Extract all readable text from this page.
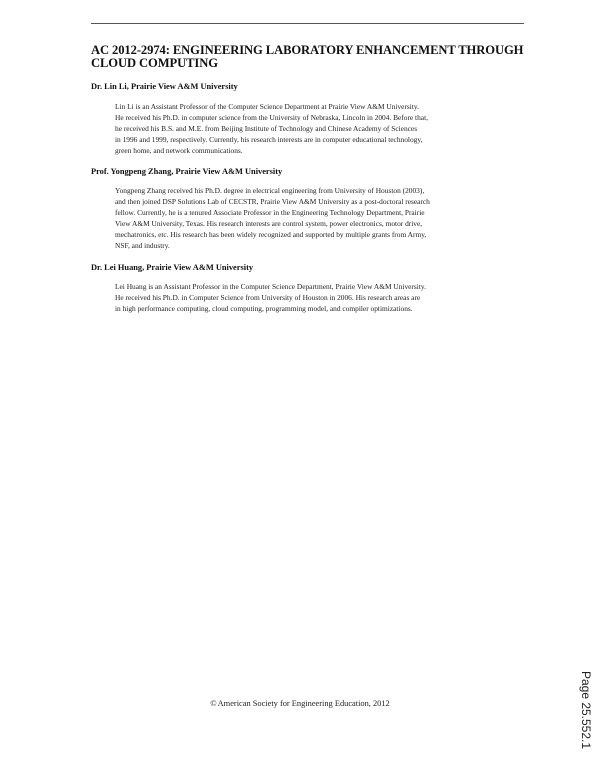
AC 2012-2974: ENGINEERING LABORATORY ENHANCEMENT THROUGH
CLOUD COMPUTING

Dr. Lin Li, Prairie View A&M University

Lin Li is an Assistant Professor of the Computer Science Department at Prairie View A&M University.
He received his Ph.D. in computer science from the University of Nebraska, Lincoln in 2004. Before that,
he received his B.S. and M.E. from Beijing Institute of Technology and Chinese Academy of Sciences
in 1996 and 1999, respectively. Currently, his research interests are in computer educational technology,
green home, and network communications.

Prof. Yongpeng Zhang, Prairie View A&M University

Yongpeng Zhang received his Ph.D. degree in electrical engineering from University of Houston (2003),
and then joined DSP Solutions Lab of CECSTR, Prairie View A&M University as a post-doctoral research
fellow. Currently, he is a tenured Associate Professor in the Engineering Technology Department, Prairie
View A&M University, Texas. His research interests are control system, power electronics, motor drive,
mechatronics, etc. His research has been widely recognized and supported by multiple grants from Army,
NSF, and industry.

Dr. Lei Huang, Prairie View A&M University

Lei Huang is an Assistant Professor in the Computer Science Department, Prairie View A&M University.
He received his Ph.D. in Computer Science from University of Houston in 2006. His research areas are
in high performance computing, cloud computing, programming model, and compiler optimizations.
©American Society for Engineering Education, 2012	Page 25.552.1
